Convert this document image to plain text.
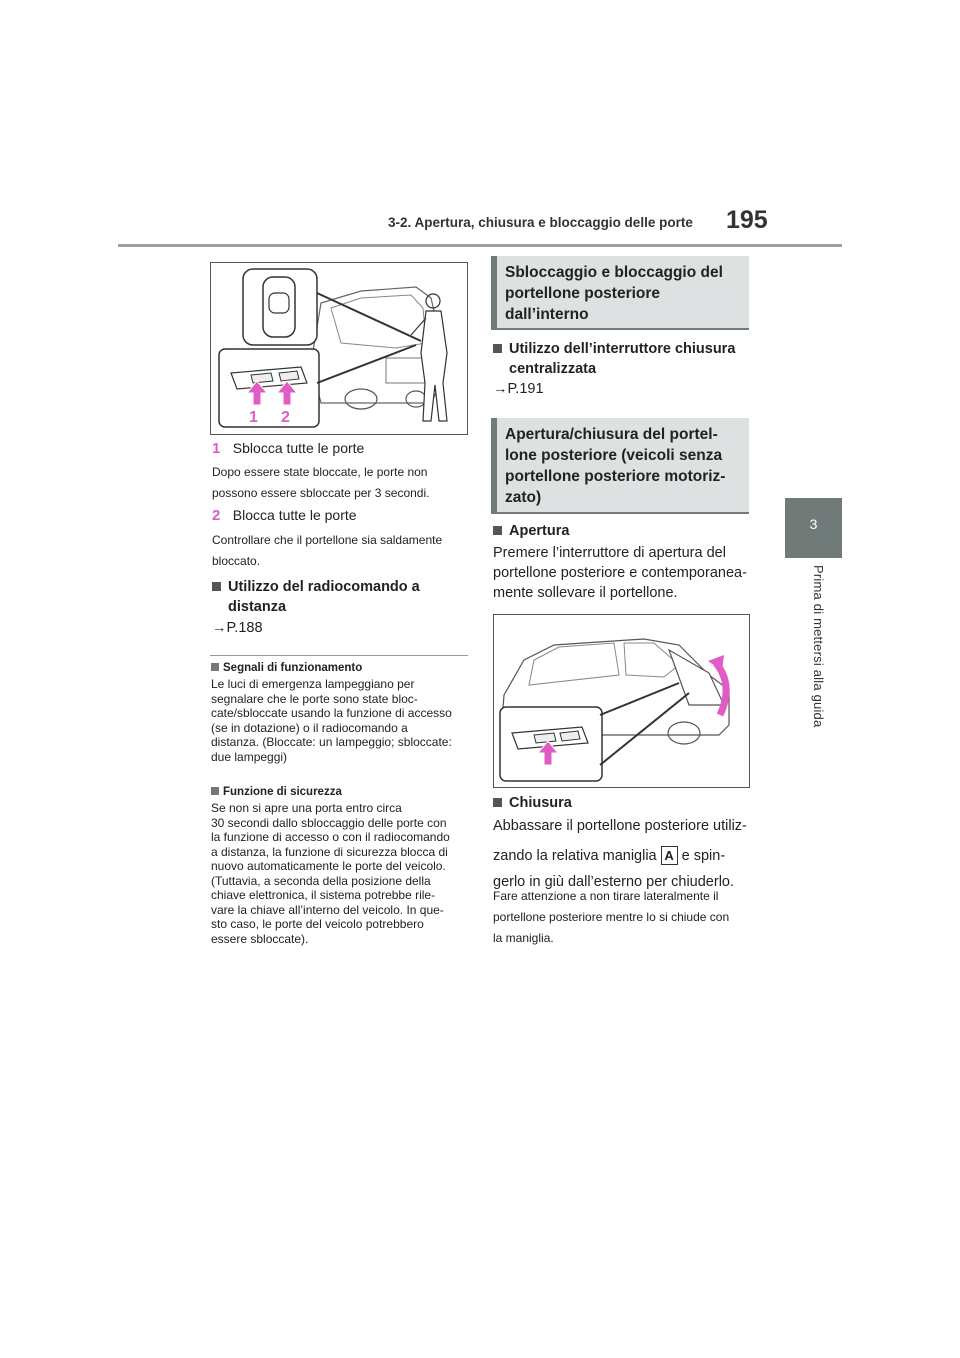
3-2. Apertura, chiusura e bloccaggio delle porte 195
3
Prima di mettersi alla guida
1 2
1 Sblocca tutte le porte
Dopo essere state bloccate, le porte non
possono essere sbloccate per 3 secondi.
2 Blocca tutte le porte
Controllare che il portellone sia saldamente
bloccato.
Utilizzo del radiocomando a
distanza
→P.188
Segnali di funzionamento
Le luci di emergenza lampeggiano per
segnalare che le porte sono state bloc-
cate/sbloccate usando la funzione di accesso
(se in dotazione) o il radiocomando a
distanza. (Bloccate: un lampeggio; sbloccate:
due lampeggi)
Funzione di sicurezza
Se non si apre una porta entro circa
30 secondi dallo sbloccaggio delle porte con
la funzione di accesso o con il radiocomando
a distanza, la funzione di sicurezza blocca di
nuovo automaticamente le porte del veicolo.
(Tuttavia, a seconda della posizione della
chiave elettronica, il sistema potrebbe rile-
vare la chiave all’interno del veicolo. In que-
sto caso, le porte del veicolo potrebbero
essere sbloccate).
Sbloccaggio e bloccaggio del
portellone posteriore
dall’interno
Utilizzo dell’interruttore chiusura
centralizzata
→P.191
Apertura/chiusura del portel-
lone posteriore (veicoli senza
portellone posteriore motoriz-
zato)
Apertura
Premere l’interruttore di apertura del
portellone posteriore e contemporanea-
mente sollevare il portellone.
Chiusura
Abbassare il portellone posteriore utiliz-
zando la relativa maniglia A e spin-
gerlo in giù dall’esterno per chiuderlo.
Fare attenzione a non tirare lateralmente il
portellone posteriore mentre lo si chiude con
la maniglia.
